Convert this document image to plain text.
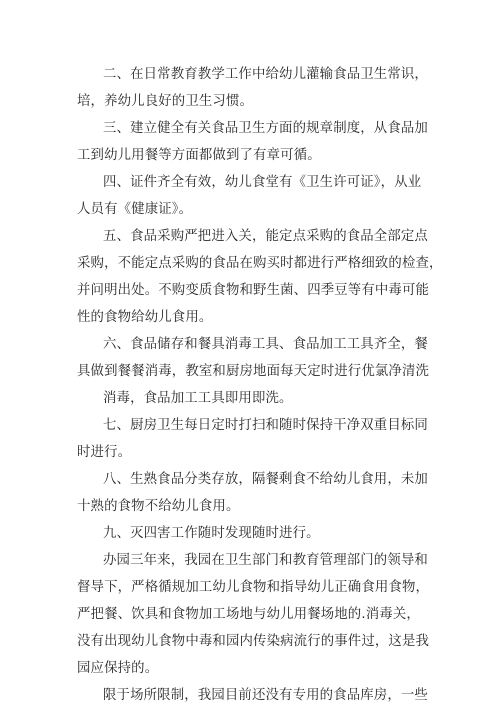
二、在日常教育教学工作中给幼儿灌输食品卫生常识，
培，养幼儿良好的卫生习惯。
三、建立健全有关食品卫生方面的规章制度，从食品加
工到幼儿用餐等方面都做到了有章可循。
四、证件齐全有效，幼儿食堂有《卫生许可证》，从业
人员有《健康证》。
五、食品采购严把进入关，能定点采购的食品全部定点
采购，不能定点采购的食品在购买时都进行严格细致的检查，
并问明出处。不购变质食物和野生菌、四季豆等有中毒可能
性的食物给幼儿食用。
六、食品储存和餐具消毒工具、食品加工工具齐全，餐
具做到餐餐消毒，教室和厨房地面每天定时进行优氯净清洗
消毒，食品加工工具即用即洗。
七、厨房卫生每日定时打扫和随时保持干净双重目标同
时进行。
八、生熟食品分类存放，隔餐剩食不给幼儿食用，未加
十熟的食物不给幼儿食用。
九、灭四害工作随时发现随时进行。
办园三年来，我园在卫生部门和教育管理部门的领导和
督导下，严格循规加工幼儿食物和指导幼儿正确食用食物，
严把餐、饮具和食物加工场地与幼儿用餐场地的.消毒关，
没有出现幼儿食物中毒和园内传染病流行的事件过，这是我
园应保持的。
限于场所限制，我园目前还没有专用的食品库房，一些
